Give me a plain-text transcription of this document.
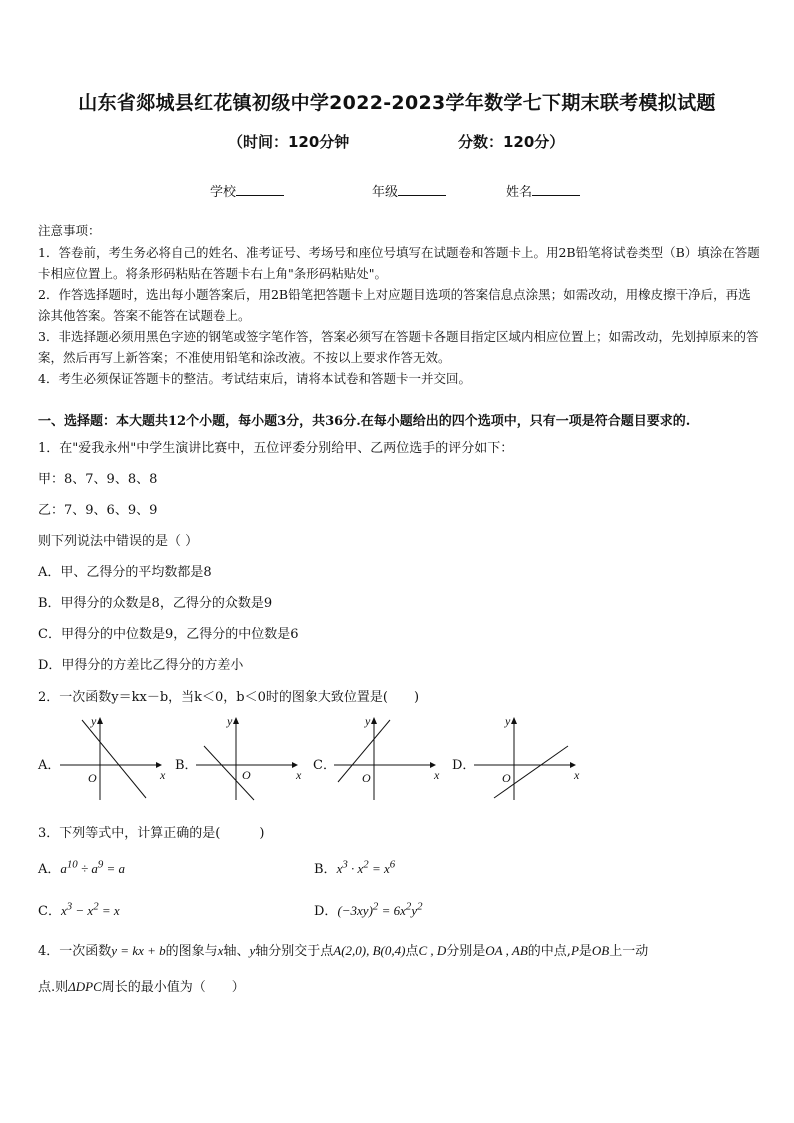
山东省郯城县红花镇初级中学2022-2023学年数学七下期末联考模拟试题
（时间：120分钟	分数：120分）
学校	年级	姓名
注意事项：
1．答卷前，考生务必将自己的姓名、准考证号、考场号和座位号填写在试题卷和答题卡上。用2B铅笔将试卷类型（B）填涂在答题卡相应位置上。将条形码粘贴在答题卡右上角"条形码粘贴处"。
2．作答选择题时，选出每小题答案后，用2B铅笔把答题卡上对应题目选项的答案信息点涂黑；如需改动，用橡皮擦干净后，再选涂其他答案。答案不能答在试题卷上。
3．非选择题必须用黑色字迹的钢笔或签字笔作答，答案必须写在答题卡各题目指定区域内相应位置上；如需改动，先划掉原来的答案，然后再写上新答案；不准使用铅笔和涂改液。不按以上要求作答无效。
4．考生必须保证答题卡的整洁。考试结束后，请将本试卷和答题卡一并交回。
一、选择题：本大题共12个小题，每小题3分，共36分.在每小题给出的四个选项中，只有一项是符合题目要求的.
1．在"爱我永州"中学生演讲比赛中，五位评委分别给甲、乙两位选手的评分如下：
甲：8、7、9、8、8
乙：7、9、6、9、9
则下列说法中错误的是（ ）
A．甲、乙得分的平均数都是8
B．甲得分的众数是8，乙得分的众数是9
C．甲得分的中位数是9，乙得分的中位数是6
D．甲得分的方差比乙得分的方差小
2．一次函数y＝kx－b，当k＜0，b＜0时的图象大致位置是(　　)
A．
x
y
O
B．
x
y
O
C．
x
y
O
D．
x
y
O
3．下列等式中，计算正确的是(　　　)
A．$a^{10} \div a^9 = a$	B．$x^3 \cdot x^2 = x^6$
C．$x^3 - x^2 = x$	D．$(-3xy)^2 = 6x^2y^2$
4．一次函数y = kx + b的图象与x轴、y轴分别交于点A(2,0), B(0,4)点C , D分别是OA , AB的中点,P是OB上一动
点.则ΔDPC周长的最小值为（　　）
